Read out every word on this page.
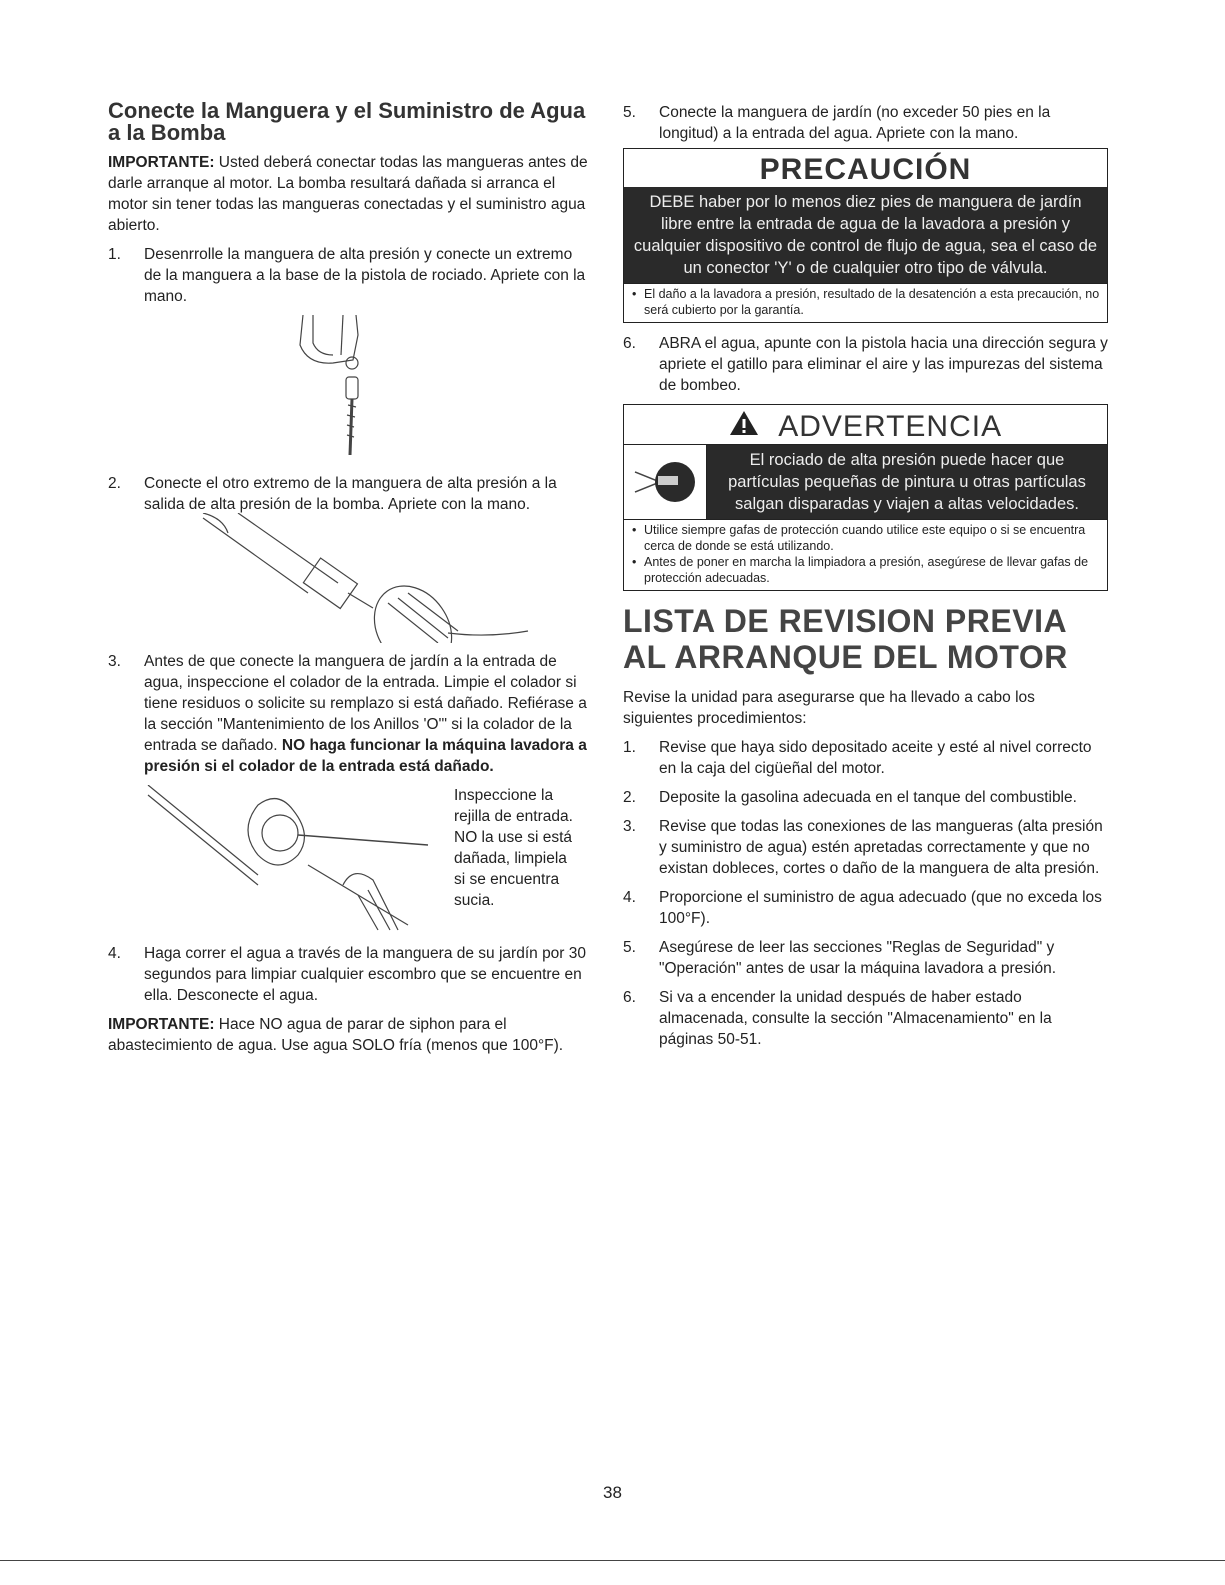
Conecte la Manguera y el Suministro de Agua a la Bomba

IMPORTANTE: Usted deberá conectar todas las mangueras antes de darle arranque al motor. La bomba resultará dañada si arranca el motor sin tener todas las mangueras conectadas y el suministro agua abierto.

1. Desenrrolle la manguera de alta presión y conecte un extremo de la manguera a la base de la pistola de rociado. Apriete con la mano.
2. Conecte el otro extremo de la manguera de alta presión a la salida de alta presión de la bomba. Apriete con la mano.
3. Antes de que conecte la manguera de jardín a la entrada de agua, inspeccione el colador de la entrada. Limpie el colador si tiene residuos o solicite su remplazo si está dañado. Refiérase a la sección "Mantenimiento de los Anillos 'O'" si la colador de la entrada se dañado. NO haga funcionar la máquina lavadora a presión si el colador de la entrada está dañado.
Inspeccione la
rejilla de entrada.
NO la use si está
dañada, limpiela
si se encuentra
sucia.
4. Haga correr el agua a través de la manguera de su jardín por 30 segundos para limpiar cualquier escombro que se encuentre en ella. Desconecte el agua.

IMPORTANTE: Hace NO agua de parar de siphon para el abastecimiento de agua. Use agua SOLO fría (menos que 100°F).

5. Conecte la manguera de jardín (no exceder 50 pies en la longitud) a la entrada del agua. Apriete con la mano.
PRECAUCIÓN
DEBE haber por lo menos diez pies de manguera de jardín libre entre la entrada de agua de la lavadora a presión y cualquier dispositivo de control de flujo de agua, sea el caso de un conector 'Y' o de cualquier otro tipo de válvula.
• El daño a la lavadora a presión, resultado de la desatención a esta precaución, no será cubierto por la garantía.
6. ABRA el agua, apunte con la pistola hacia una dirección segura y apriete el gatillo para eliminar el aire y las impurezas del sistema de bombeo.
ADVERTENCIA
El rociado de alta presión puede hacer que partículas pequeñas de pintura u otras partículas salgan disparadas y viajen a altas velocidades.
• Utilice siempre gafas de protección cuando utilice este equipo o si se encuentra cerca de donde se está utilizando.
• Antes de poner en marcha la limpiadora a presión, asegúrese de llevar gafas de protección adecuadas.
LISTA DE REVISION PREVIA AL ARRANQUE DEL MOTOR

Revise la unidad para asegurarse que ha llevado a cabo los siguientes procedimientos:

1. Revise que haya sido depositado aceite y esté al nivel correcto en la caja del cigüeñal del motor.
2. Deposite la gasolina adecuada en el tanque del combustible.
3. Revise que todas las conexiones de las mangueras (alta presión y suministro de agua) estén apretadas correctamente y que no existan dobleces, cortes o daño de la manguera de alta presión.
4. Proporcione el suministro de agua adecuado (que no exceda los 100°F).
5. Asegúrese de leer las secciones "Reglas de Seguridad" y "Operación" antes de usar la máquina lavadora a presión.
6. Si va a encender la unidad después de haber estado almacenada, consulte la sección "Almacenamiento" en la páginas 50-51.
38
